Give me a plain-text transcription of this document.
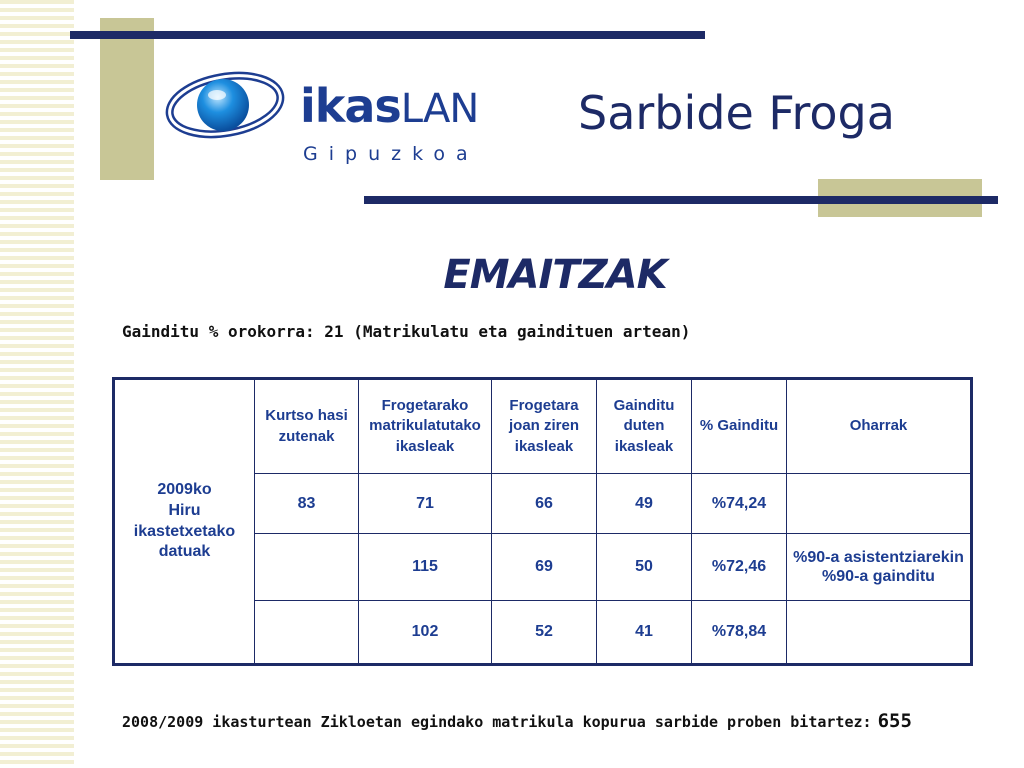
ikasLAN
Gipuzkoa
Sarbide Froga
EMAITZAK
Gainditu % orokorra: 21 (Matrikulatu eta gaindituen artean)
2009ko
Hiru ikastetxetako datuak	Kurtso hasi zutenak	Frogetarako matrikulatutako ikasleak	Frogetara joan ziren ikasleak	Gainditu duten ikasleak	% Gainditu	Oharrak
	83	71	66	49	%74,24	
		115	69	50	%72,46	%90-a asistentziarekin %90-a gainditu
		102	52	41	%78,84	
2008/2009 ikasturtean Zikloetan egindako matrikula kopurua sarbide proben bitartez: 655
